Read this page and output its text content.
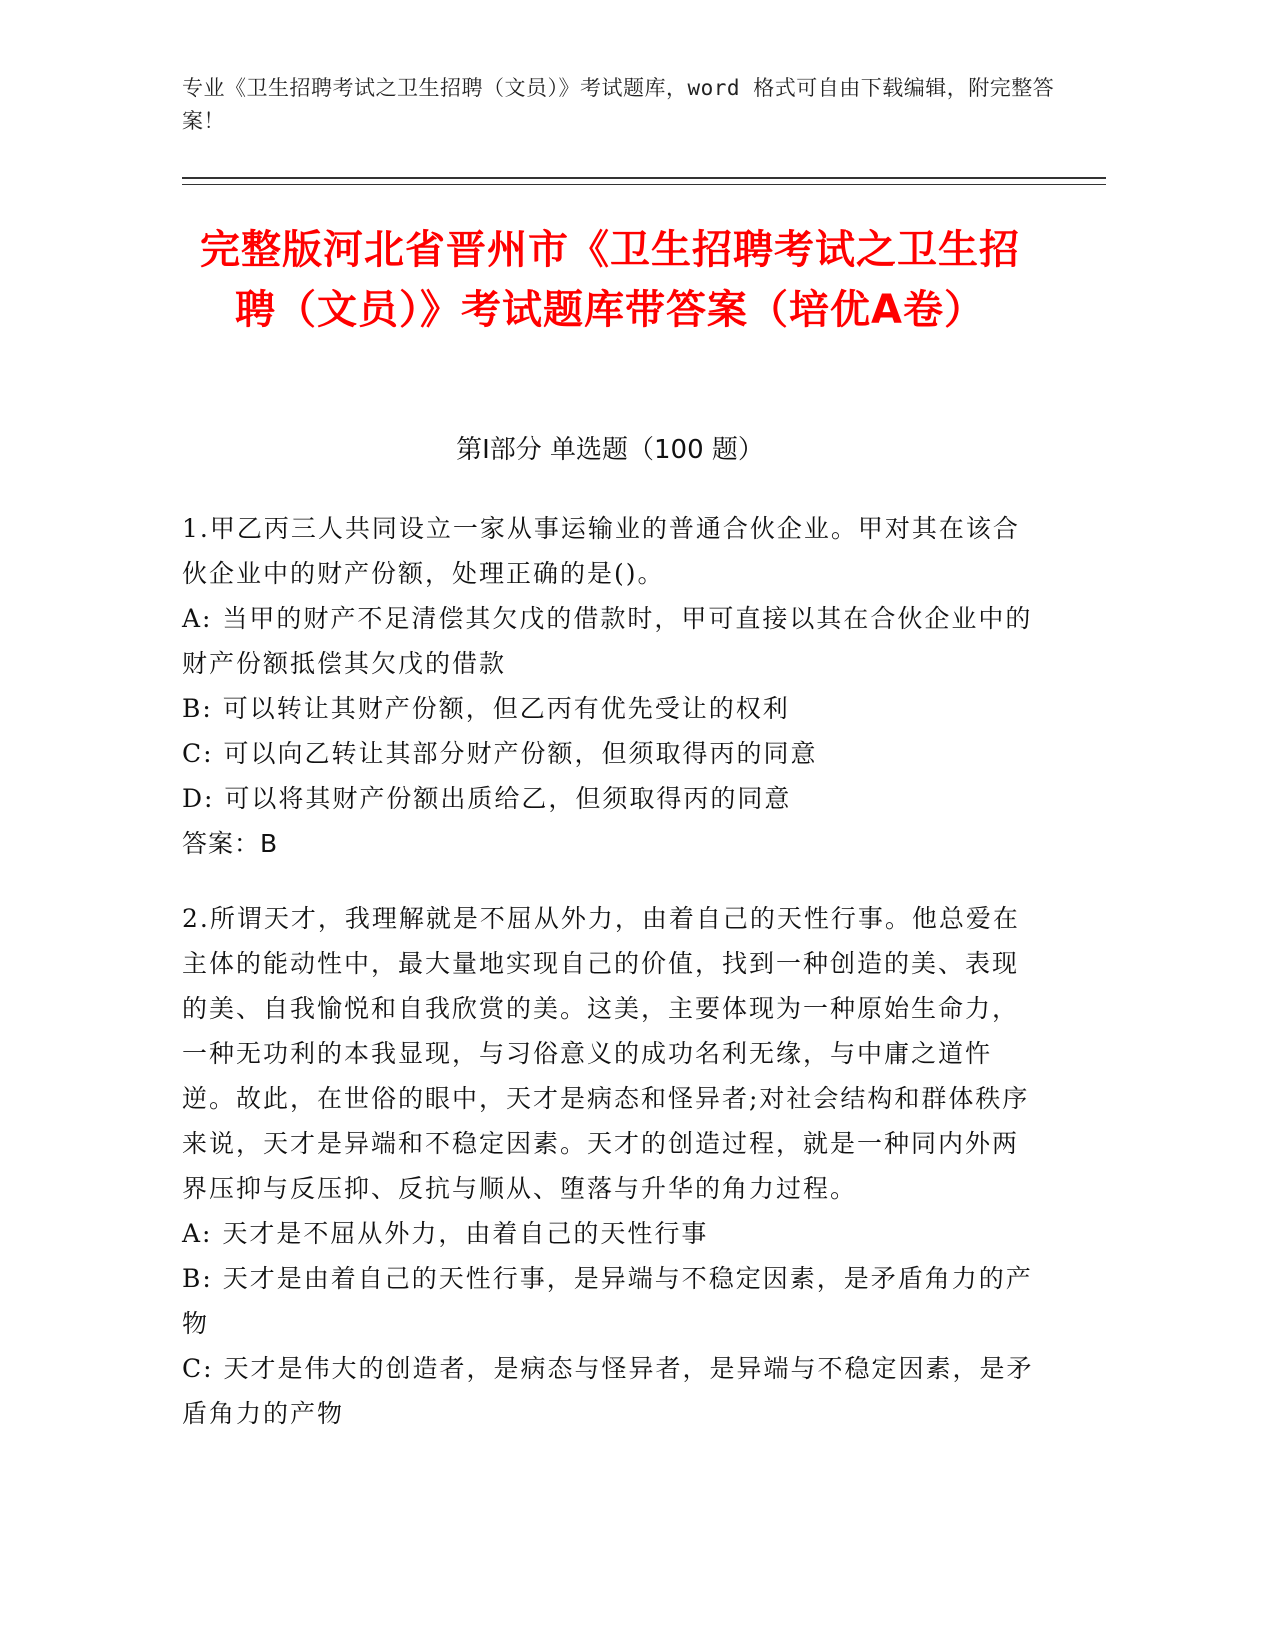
专业《卫生招聘考试之卫生招聘（文员）》考试题库，word 格式可自由下载编辑，附完整答案！
完整版河北省晋州市《卫生招聘考试之卫生招聘（文员）》考试题库带答案（培优A卷）
第Ⅰ部分 单选题（100 题）

1.甲乙丙三人共同设立一家从事运输业的普通合伙企业。甲对其在该合伙企业中的财产份额，处理正确的是()。

A: 当甲的财产不足清偿其欠戊的借款时，甲可直接以其在合伙企业中的财产份额抵偿其欠戊的借款

B: 可以转让其财产份额，但乙丙有优先受让的权利

C: 可以向乙转让其部分财产份额，但须取得丙的同意

D: 可以将其财产份额出质给乙，但须取得丙的同意

答案：B

2.所谓天才，我理解就是不屈从外力，由着自己的天性行事。他总爱在主体的能动性中，最大量地实现自己的价值，找到一种创造的美、表现的美、自我愉悦和自我欣赏的美。这美，主要体现为一种原始生命力，一种无功利的本我显现，与习俗意义的成功名利无缘，与中庸之道忤逆。故此，在世俗的眼中，天才是病态和怪异者;对社会结构和群体秩序来说，天才是异端和不稳定因素。天才的创造过程，就是一种同内外两界压抑与反压抑、反抗与顺从、堕落与升华的角力过程。

A: 天才是不屈从外力，由着自己的天性行事

B: 天才是由着自己的天性行事，是异端与不稳定因素，是矛盾角力的产物

C: 天才是伟大的创造者，是病态与怪异者，是异端与不稳定因素，是矛盾角力的产物
